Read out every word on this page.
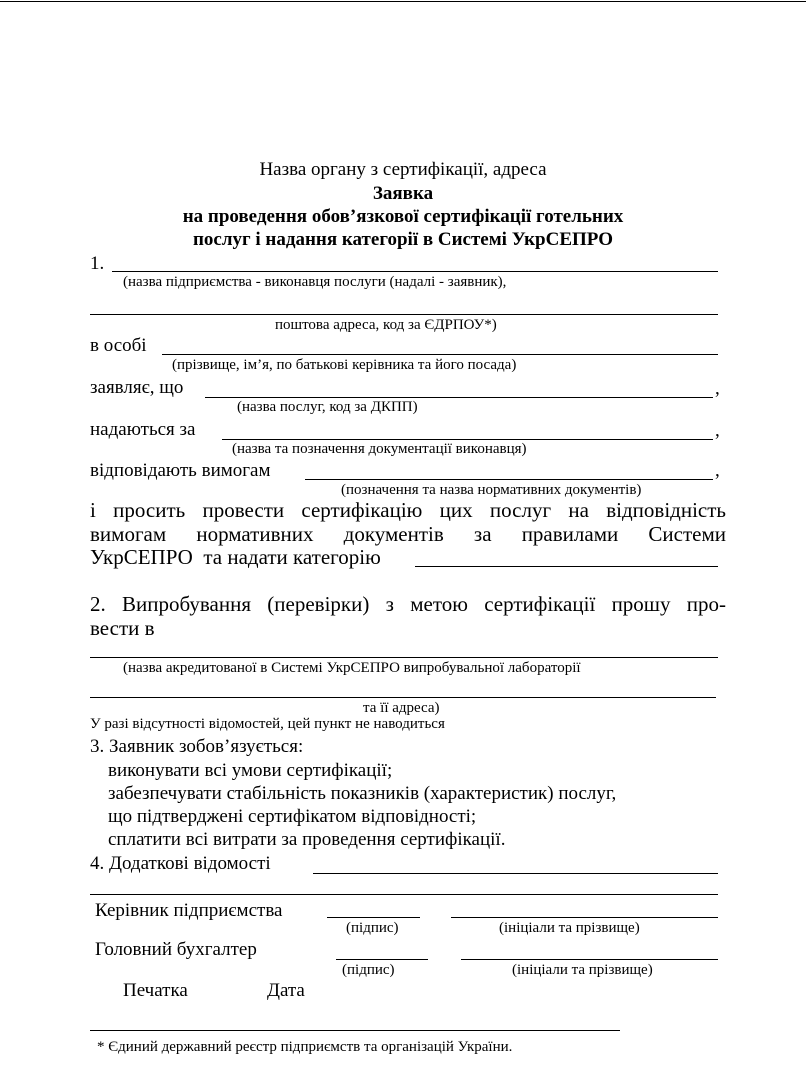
Назва органу з сертифікації, адреса
Заявка
на проведення обов’язкової сертифікації готельних
послуг і надання категорії в Системі УкрСЕПРО
1.
(назва підприємства - виконавця послуги (надалі - заявник),
поштова адреса, код за ЄДРПОУ*)
в особі
(прізвище, ім’я, по батькові керівника та його посада)
заявляє, що	,
(назва послуг, код за ДКПП)
надаються за	,
(назва та позначення документації виконавця)
відповідають вимогам	,
(позначення та назва нормативних документів)
і просить провести сертифікацію цих послуг на відповідність
вимогам нормативних документів за правилами Системи
УкрСЕПРО  та надати категорію
2. Випробування (перевірки) з метою сертифікації прошу про-
вести в
(назва акредитованої в Системі УкрСЕПРО випробувальної лабораторії
та її адреса)
У разі відсутності відомостей, цей пункт не наводиться
3. Заявник зобов’язується:
виконувати всі умови сертифікації;
забезпечувати стабільність показників (характеристик) послуг,
що підтверджені сертифікатом відповідності;
сплатити всі витрати за проведення сертифікації.
4. Додаткові відомості
Керівник підприємства
(підпис)	(ініціали та прізвище)
Головний бухгалтер
(підпис)	(ініціали та прізвище)
Печатка	Дата
* Єдиний державний реєстр підприємств та організацій України.
